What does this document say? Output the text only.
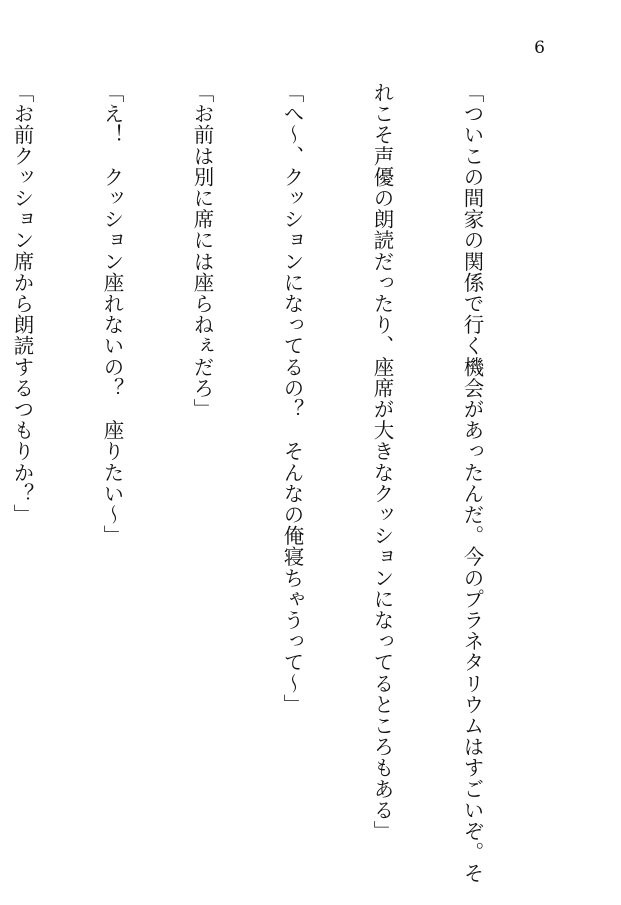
6

「ついこの間家の関係で行く機会があったんだ。今のプラネタリウムはすごいぞ。そ

れこそ声優の朗読だったり、座席が大きなクッションになってるところもある」

「へ〜、クッションになってるの？　そんなの俺寝ちゃうって〜」

「お前は別に席には座らねぇだろ」

「え！　クッション座れないの？　座りたい〜」

「お前クッション席から朗読するつもりか？」
